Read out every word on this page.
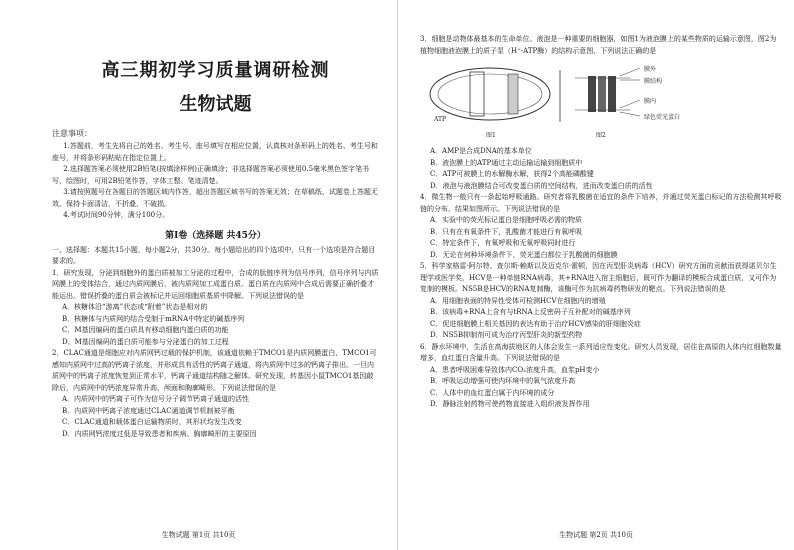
高三期初学习质量调研检测
生物试题
注意事项：

1.答题前，考生先将自己的姓名、考生号、座号填写在相应位置，认真核对条形码上的姓名、考生号和座号，并将条形码粘贴在指定位置上。

2.选择题答案必须使用2B铅笔(按填涂样例)正确填涂；非选择题答案必须使用0.5毫米黑色签字笔书写，绘图时，可用2B铅笔作答，字体工整、笔迹清楚。

3.请按照题号在各题目的答题区域内作答，超出答题区域书写的答案无效；在草稿纸、试题卷上答题无效。保持卡面清洁，不折叠、不破损。

4.考试时间90分钟，满分100分。

第Ⅰ卷（选择题 共45分）

一、选择题：本题共15小题，每小题2分，共30分。每小题给出的四个选项中，只有一个选项是符合题目要求的。

1．研究发现，分泌到细胞外的蛋白质被加工分泌的过程中，合成的肽链序列为信号序列，信号序列与内质网膜上的受体结合，通过内质网膜后，被内质网加工成蛋白质。蛋白质在内质网中合成后需要正确折叠才能运出。错误折叠的蛋白质会被标记并运回细胞质基质中降解。下列说法错误的是

A．核糖体沿“游离”状态或“附着”状态是相对的

B．核糖体与内质网的结合受制于mRNA中特定的碱基序列

C．M基因编码的蛋白质具有移动细胞内蛋白质的功能

D．M基因编码的蛋白质可能参与分泌蛋白的加工过程

2．CLAC通道是细胞应对内质网钙过载的保护机制，该通道依赖于TMCO1是内质网膜蛋白，TMCO1可感知内质网中过高的钙离子浓度，并形成具有活性的钙离子通道，将内质网中过多的钙离子排出。一旦内质网中的钙离子浓度恢复到正常水平，钙离子通道结构随之解体。研究发现，转基因小鼠TMCO1基因敲除后，内质网中的钙浓度异常升高，颅面和胸廓畸形。下列说法错误的是

A．内质网中的钙离子可作为信号分子调节钙离子通道的活性

B．内质网中钙离子浓度通过CLAC通道调节机制被平衡

C．CLAC通道和载体蛋白运输物质时，其形状均发生改变

D．内质网钙浓度过低是导致患者和疾病、胸廓畸形的主要原因

生物试题 第1页 共10页

3．细胞是动物体最基本的生命单位。液泡是一种重要的细胞器，如图1为液泡膜上的某些物质的运输示意图，图2为植物细胞液泡膜上的质子泵（H⁺-ATP酶）的结构示意图，下列说法正确的是

ATP
图1	图2
膜外
膜结构
膜内
绿色荧光蛋白

A．AMP是合成DNA的基本单位

B．液泡膜上的ATP通过主动运输运输到细胞质中

C．ATP可被膜上的水解酶水解，获得2个高能磷酸键

D．液泡与液泡膜结合可改变蛋白质的空间结构，进而改变蛋白质的活性

4．微生物一般只有一条起始呼吸通路。研究者将乳酸菌在适宜的条件下培养，并通过荧光蛋白标记的方法检测其呼吸链的分布，结果如图所示。下列说法错误的是

A．实验中的荧光标记蛋白是细胞呼吸必需的物质

B．只有在有氧条件下，乳酸菌才能进行有氧呼吸

C．特定条件下，有氧呼吸和无氧呼吸同时进行

D．无论在何种环境条件下，荧光蛋白都位于乳酸菌的细胞膜

5．科学家格雷·阿尔特、查尔斯·赖斯以及迈克尔·霍顿，因在丙型肝炎病毒（HCV）研究方面的贡献而获得诺贝尔生理学或医学奖，HCV是一种单链RNA病毒，其+RNA进入宿主细胞后，既可作为翻译的模板合成蛋白质，又可作为复制的模板。NS5B是HCV的RNA复制酶，该酶可作为抗病毒药物研发的靶点。下列说法错误的是

A．用细胞表面的特异性受体可检测HCV在细胞内的增殖

B．该病毒+RNA上含有与tRNA上反密码子互补配对的碱基序列

C．促进细胞膜上相关基因的表达有助于治疗HCV感染的肝细胞炎症

D．NS5B抑制剂可成为治疗丙型肝炎的新型药物

6．静水环境中，生活在高海拔地区的人体会发生一系列适应性变化。研究人员发现，居住在高原的人体内红细胞数量增多，血红蛋白含量升高。下列说法错误的是

A．患者呼吸困难导致体内CO₂浓度升高，血浆pH变小

B．呼吸运动增强可使内环境中的氧气浓度升高

C．人体中的血红蛋白属于内环境的成分

D．静脉注射药物可使药物直接进入组织液发挥作用

生物试题 第2页 共10页
